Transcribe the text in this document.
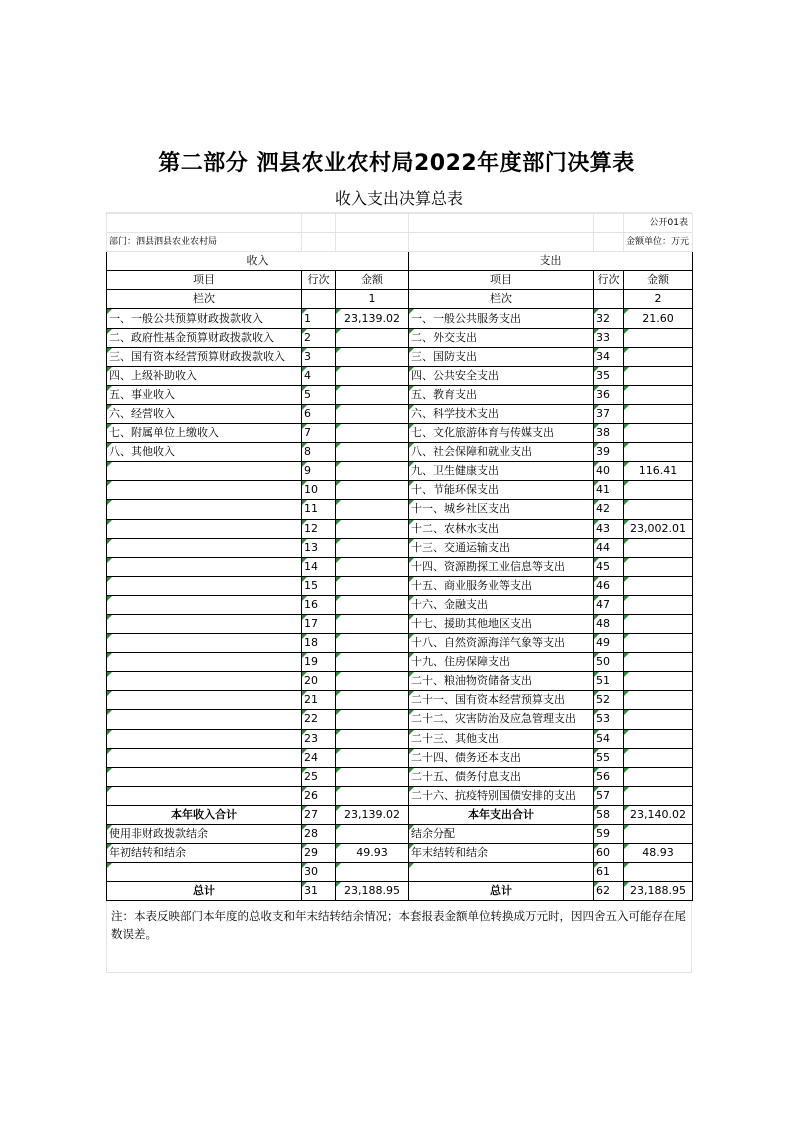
第二部分 泗县农业农村局2022年度部门决算表
收入支出决算总表
					公开01表
部门：泗县泗县农业农村局					金额单位：万元
收入			支出		
项目	行次	金额	项目	行次	金额
栏次		1	栏次		2
一、一般公共预算财政拨款收入	1	23,139.02	一、一般公共服务支出	32	21.60
二、政府性基金预算财政拨款收入	2		二、外交支出	33	
三、国有资本经营预算财政拨款收入	3		三、国防支出	34	
四、上级补助收入	4		四、公共安全支出	35	
五、事业收入	5		五、教育支出	36	
六、经营收入	6		六、科学技术支出	37	
七、附属单位上缴收入	7		七、文化旅游体育与传媒支出	38	
八、其他收入	8		八、社会保障和就业支出	39	
	9		九、卫生健康支出	40	116.41
	10		十、节能环保支出	41	
	11		十一、城乡社区支出	42	
	12		十二、农林水支出	43	23,002.01
	13		十三、交通运输支出	44	
	14		十四、资源勘探工业信息等支出	45	
	15		十五、商业服务业等支出	46	
	16		十六、金融支出	47	
	17		十七、援助其他地区支出	48	
	18		十八、自然资源海洋气象等支出	49	
	19		十九、住房保障支出	50	
	20		二十、粮油物资储备支出	51	
	21		二十一、国有资本经营预算支出	52	
	22		二十二、灾害防治及应急管理支出	53	
	23		二十三、其他支出	54	
	24		二十四、债务还本支出	55	
	25		二十五、债务付息支出	56	
	26		二十六、抗疫特别国债安排的支出	57	
本年收入合计	27	23,139.02	本年支出合计	58	23,140.02
使用非财政拨款结余	28		结余分配	59	
年初结转和结余	29	49.93	年末结转和结余	60	48.93
	30			61	
总计	31	23,188.95	总计	62	23,188.95
注：本表反映部门本年度的总收支和年末结转结余情况；本套报表金额单位转换成万元时，因四舍五入可能存在尾数误差。
